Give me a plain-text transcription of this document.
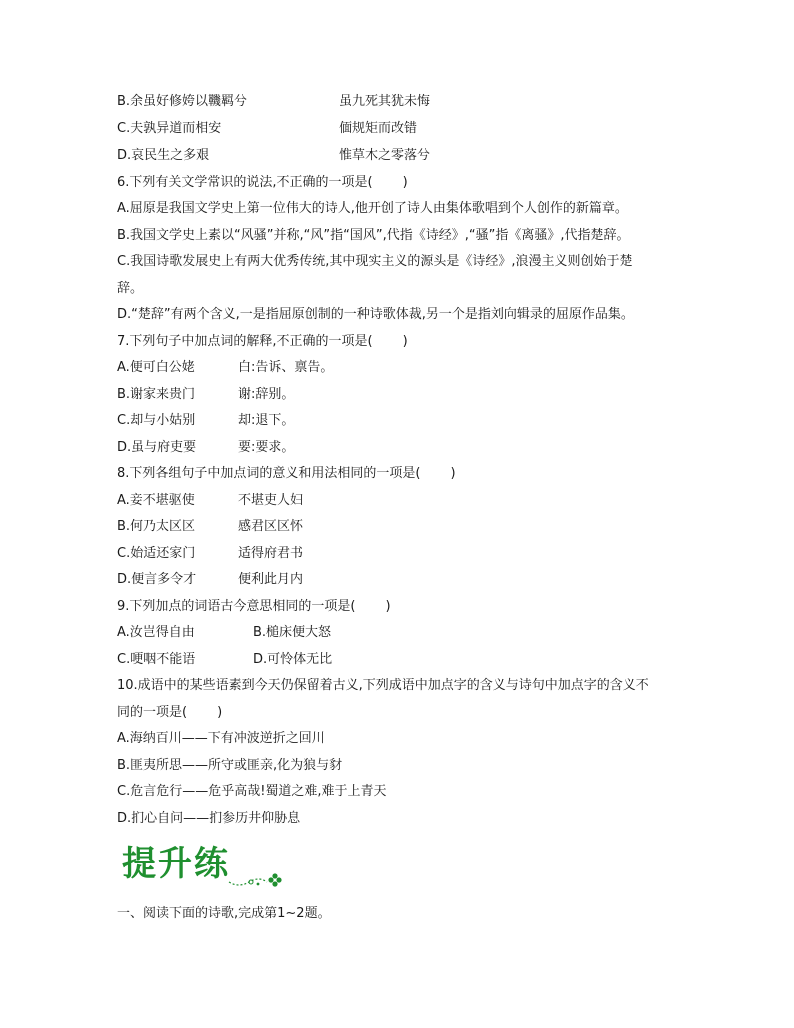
B.余虽好修姱以鞿羁兮	虽九死其犹未悔
C.夫孰异道而相安	偭规矩而改错
D.哀民生之多艰	惟草木之零落兮
6.下列有关文学常识的说法,不正确的一项是( )
A.屈原是我国文学史上第一位伟大的诗人,他开创了诗人由集体歌唱到个人创作的新篇章。
B.我国文学史上素以“风骚”并称,“风”指“国风”,代指《诗经》,“骚”指《离骚》,代指楚辞。
C.我国诗歌发展史上有两大优秀传统,其中现实主义的源头是《诗经》,浪漫主义则创始于楚
辞。
D.“楚辞”有两个含义,一是指屈原创制的一种诗歌体裁,另一个是指刘向辑录的屈原作品集。
7.下列句子中加点词的解释,不正确的一项是( )
A.便可白公姥	白:告诉、禀告。
B.谢家来贵门	谢:辞别。
C.却与小姑别	却:退下。
D.虽与府吏要	要:要求。
8.下列各组句子中加点词的意义和用法相同的一项是( )
A.妾不堪驱使	不堪吏人妇
B.何乃太区区	感君区区怀
C.始适还家门	适得府君书
D.便言多令才	便利此月内
9.下列加点的词语古今意思相同的一项是( )
A.汝岂得自由	B.槌床便大怒
C.哽咽不能语	D.可怜体无比
10.成语中的某些语素到今天仍保留着古义,下列成语中加点字的含义与诗句中加点字的含义不
同的一项是( )
A.海纳百川——下有冲波逆折之回川
B.匪夷所思——所守或匪亲,化为狼与豺
C.危言危行——危乎高哉!蜀道之难,难于上青天
D.扪心自问——扪参历井仰胁息
提升练
一、阅读下面的诗歌,完成第1~2题。
